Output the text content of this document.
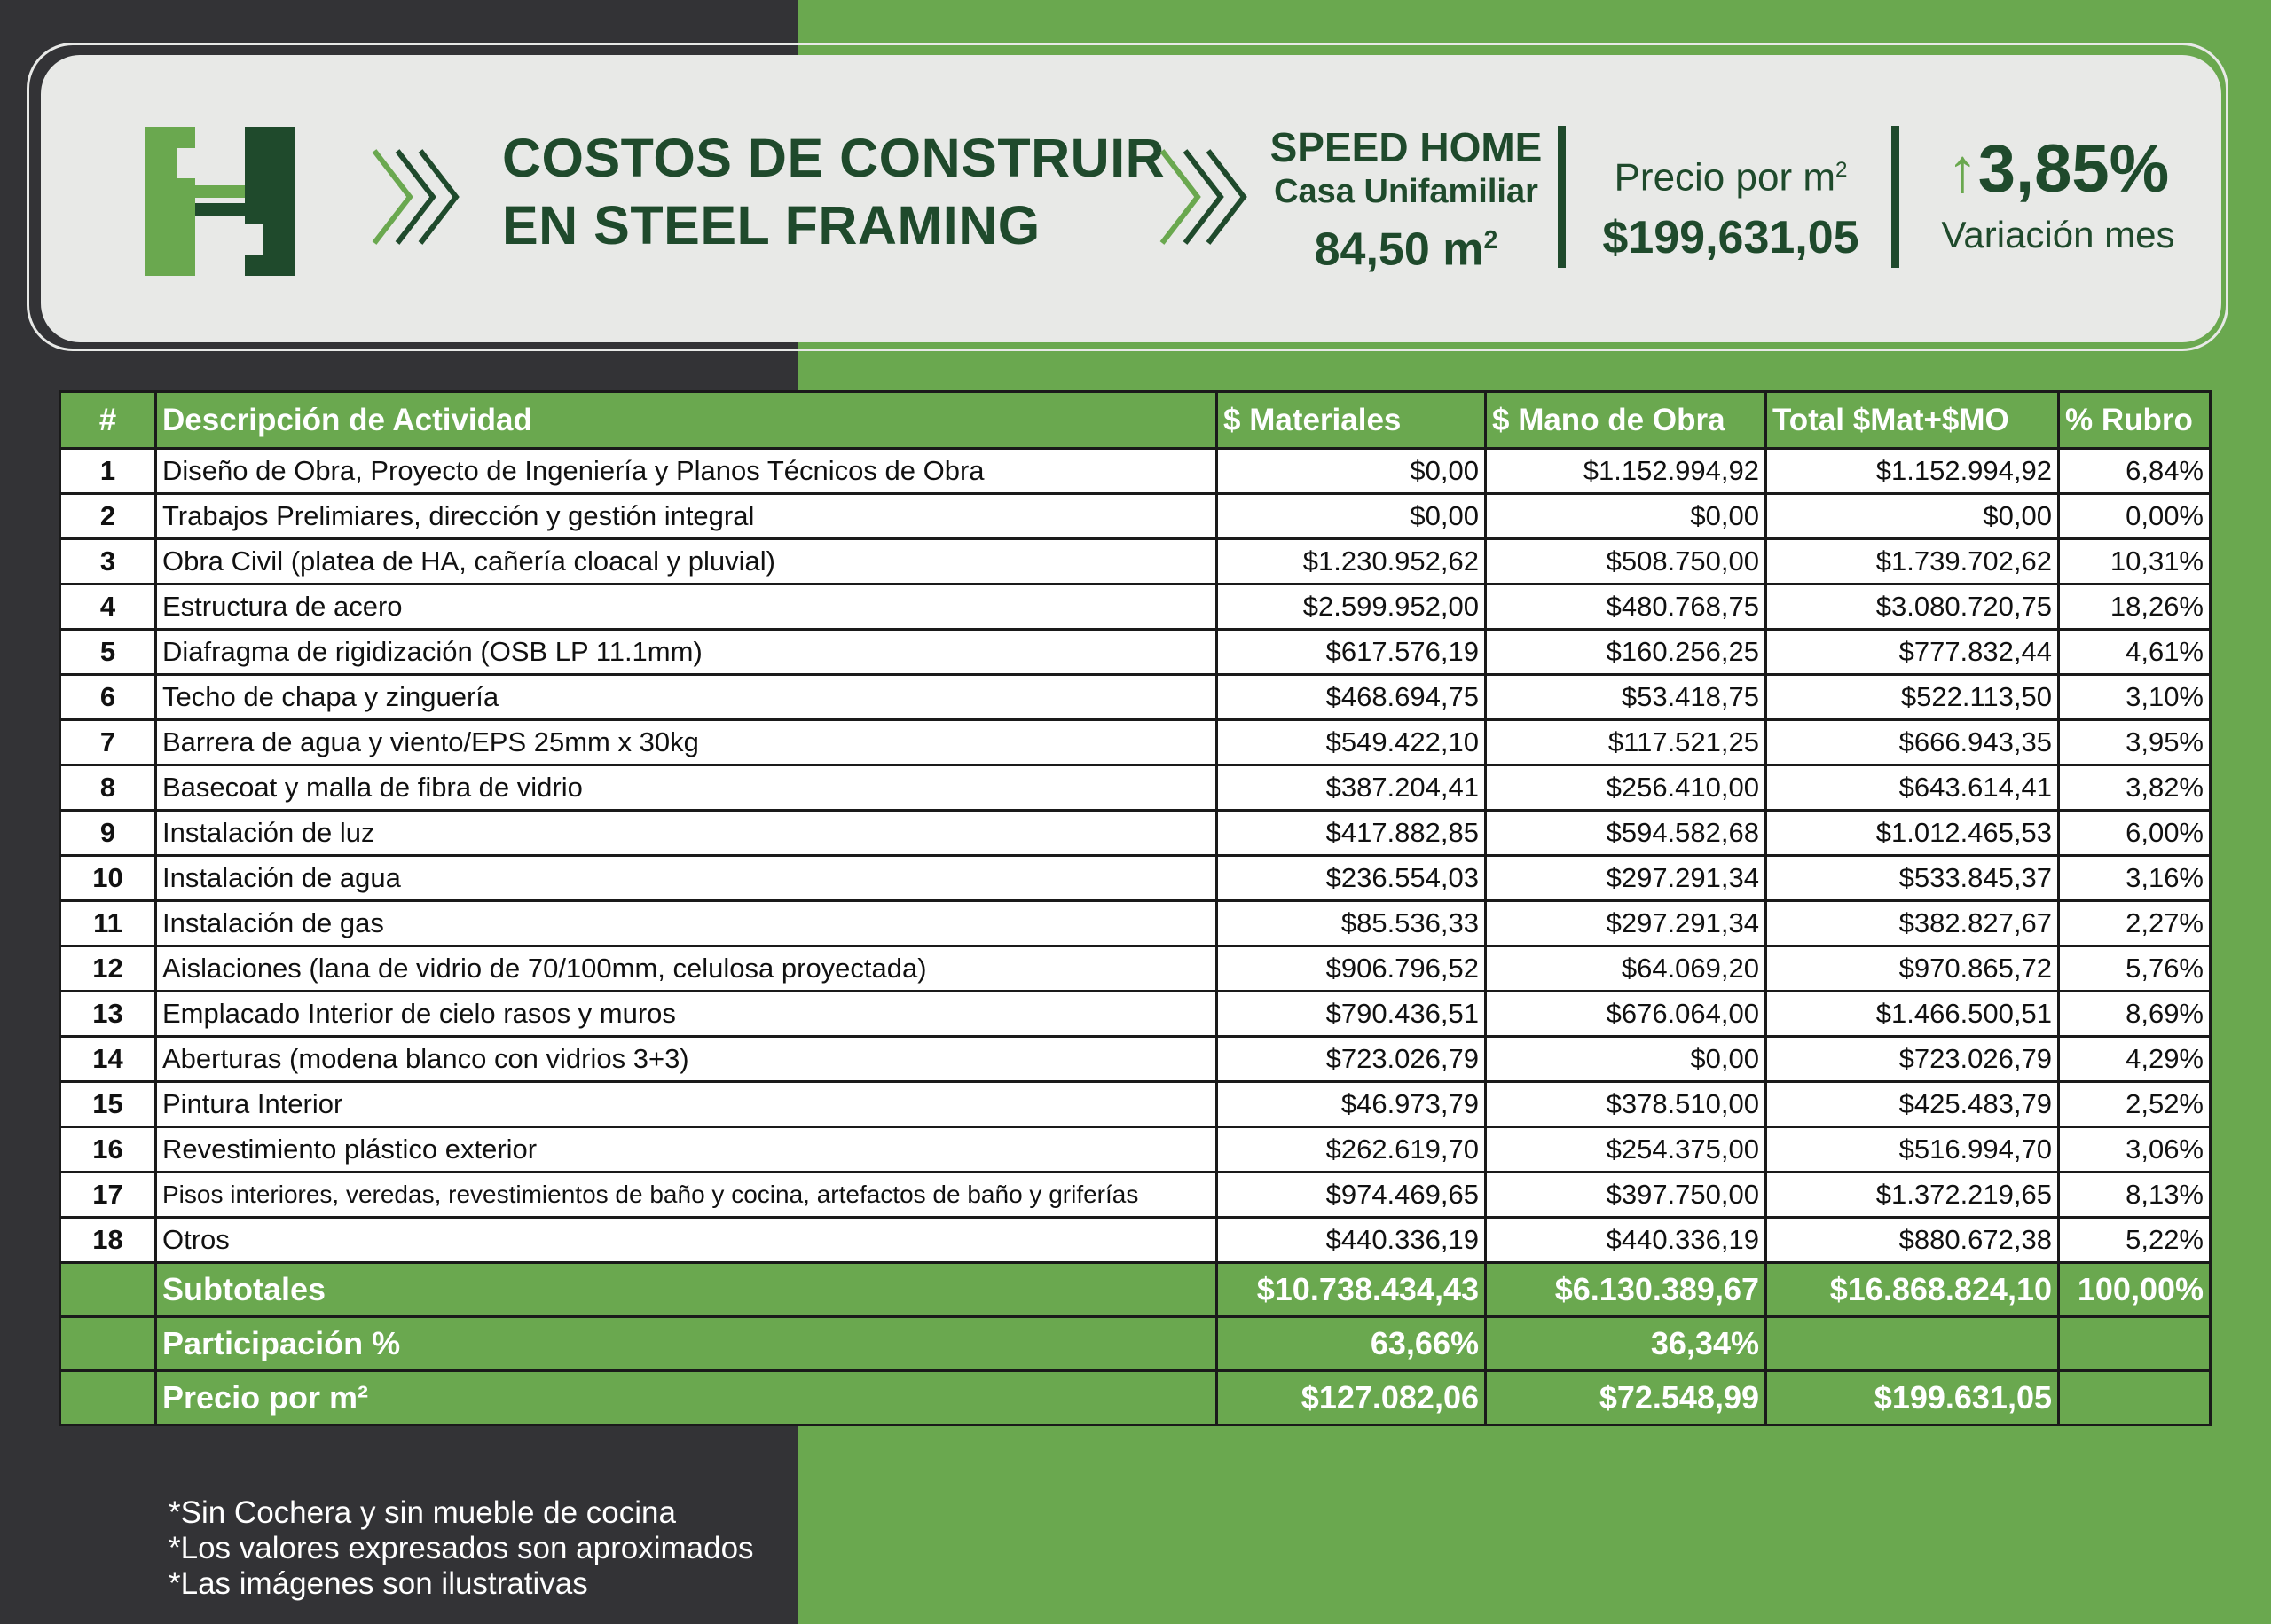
COSTOS DE CONSTRUIR
EN STEEL FRAMING
SPEED HOME
Casa Unifamiliar
84,50 $m^2$
Precio por $m^2$
$199,631,05
↑3,85%
Variación mes
#	Descripción de Actividad	$ Materiales	$ Mano de Obra	Total $Mat+$MO	% Rubro
1	Diseño de Obra, Proyecto de Ingeniería y Planos Técnicos de Obra	$0,00	$1.152.994,92	$1.152.994,92	6,84%
2	Trabajos Prelimiares, dirección y gestión integral	$0,00	$0,00	$0,00	0,00%
3	Obra Civil (platea de HA, cañería cloacal y pluvial)	$1.230.952,62	$508.750,00	$1.739.702,62	10,31%
4	Estructura de acero	$2.599.952,00	$480.768,75	$3.080.720,75	18,26%
5	Diafragma de rigidización (OSB LP 11.1mm)	$617.576,19	$160.256,25	$777.832,44	4,61%
6	Techo de chapa y zinguería	$468.694,75	$53.418,75	$522.113,50	3,10%
7	Barrera de agua y viento/EPS 25mm x 30kg	$549.422,10	$117.521,25	$666.943,35	3,95%
8	Basecoat y malla de fibra de vidrio	$387.204,41	$256.410,00	$643.614,41	3,82%
9	Instalación de luz	$417.882,85	$594.582,68	$1.012.465,53	6,00%
10	Instalación de agua	$236.554,03	$297.291,34	$533.845,37	3,16%
11	Instalación de gas	$85.536,33	$297.291,34	$382.827,67	2,27%
12	Aislaciones (lana de vidrio de 70/100mm, celulosa proyectada)	$906.796,52	$64.069,20	$970.865,72	5,76%
13	Emplacado Interior de cielo rasos y muros	$790.436,51	$676.064,00	$1.466.500,51	8,69%
14	Aberturas (modena blanco con vidrios 3+3)	$723.026,79	$0,00	$723.026,79	4,29%
15	Pintura Interior	$46.973,79	$378.510,00	$425.483,79	2,52%
16	Revestimiento plástico exterior	$262.619,70	$254.375,00	$516.994,70	3,06%
17	Pisos interiores, veredas, revestimientos de baño y cocina, artefactos de baño y griferías	$974.469,65	$397.750,00	$1.372.219,65	8,13%
18	Otros	$440.336,19	$440.336,19	$880.672,38	5,22%
	Subtotales	$10.738.434,43	$6.130.389,67	$16.868.824,10	100,00%
	Participación %	63,66%	36,34%		
	Precio por m²	$127.082,06	$72.548,99	$199.631,05	
*Sin Cochera y sin mueble de cocina
*Los valores expresados son aproximados
*Las imágenes son ilustrativas
